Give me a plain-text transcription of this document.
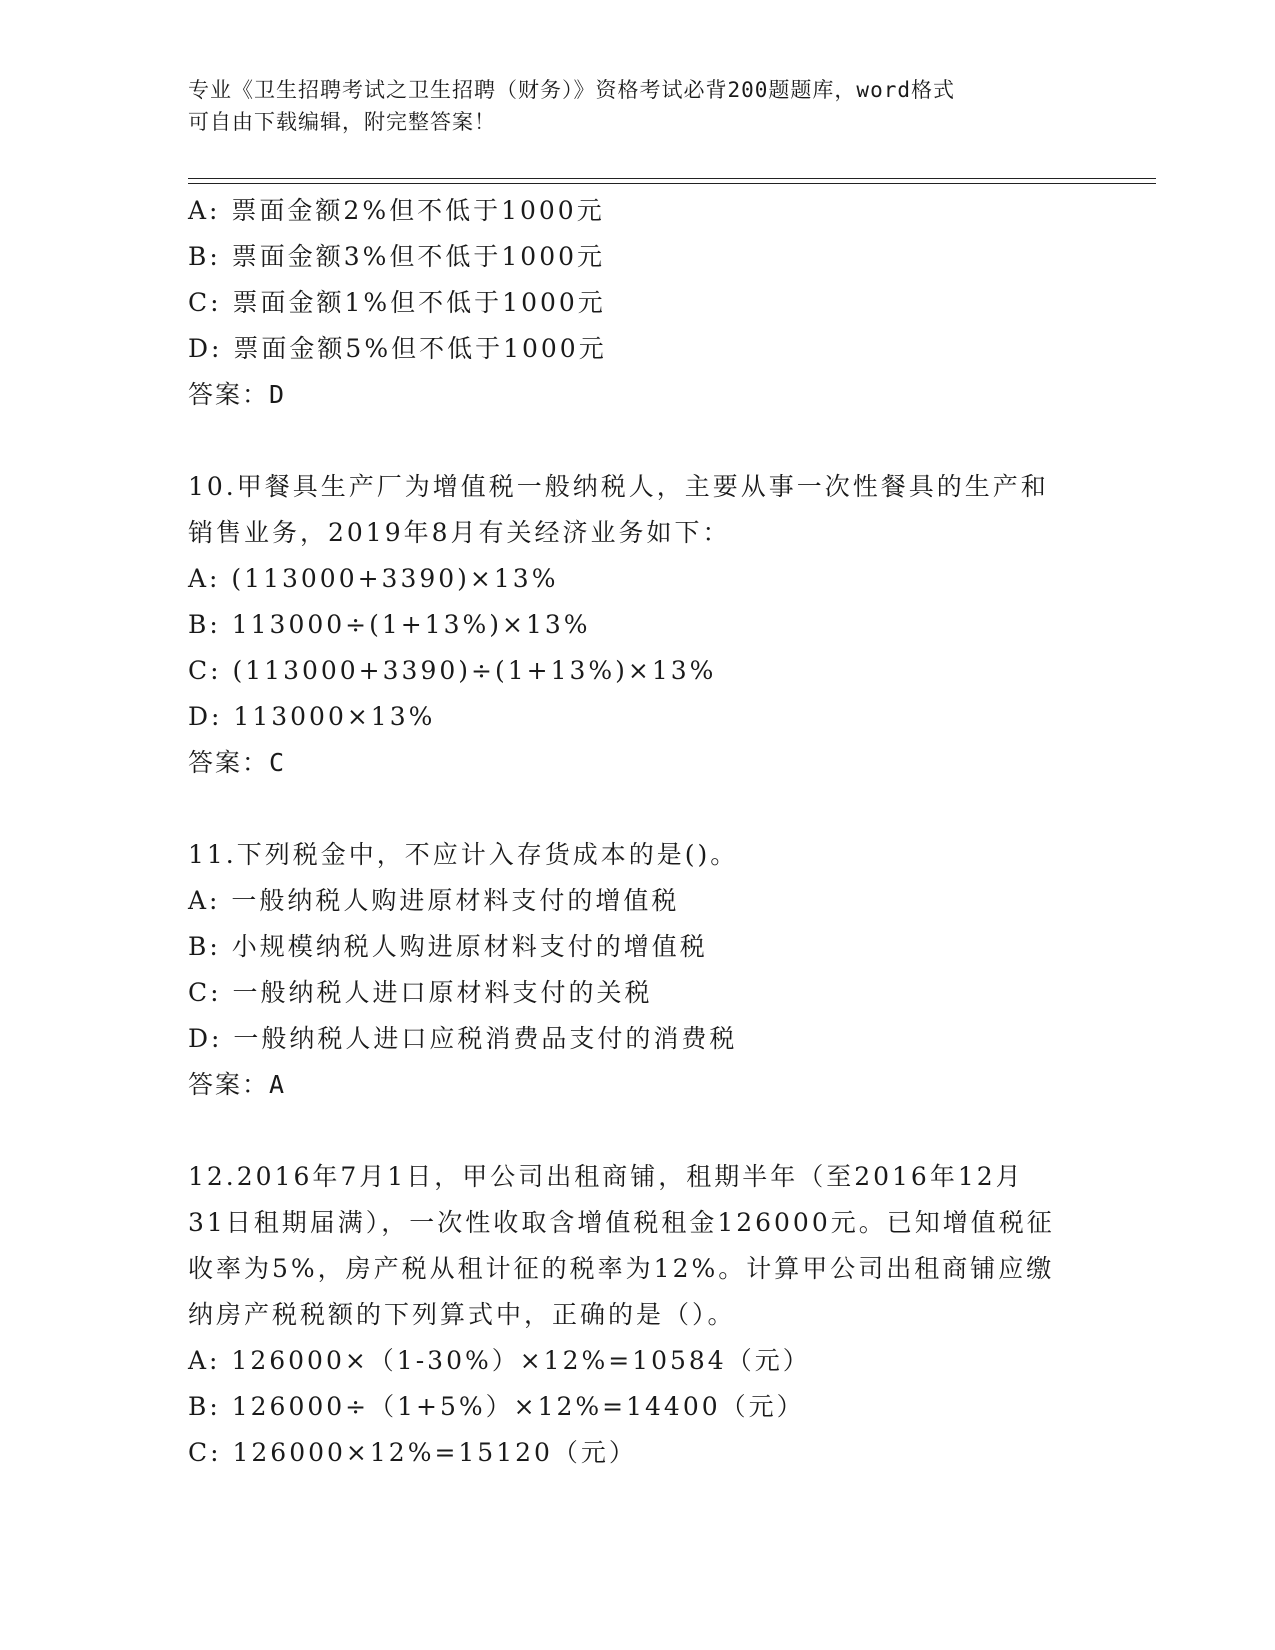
专业《卫生招聘考试之卫生招聘（财务）》资格考试必背200题题库，word格式
可自由下载编辑，附完整答案！
A: 票面金额2%但不低于1000元
B: 票面金额3%但不低于1000元
C: 票面金额1%但不低于1000元
D: 票面金额5%但不低于1000元
答案：D
10.甲餐具生产厂为增值税一般纳税人，主要从事一次性餐具的生产和
销售业务，2019年8月有关经济业务如下：
A: (113000+3390)×13%
B: 113000÷(1+13%)×13%
C: (113000+3390)÷(1+13%)×13%
D: 113000×13%
答案：C
11.下列税金中，不应计入存货成本的是()。
A: 一般纳税人购进原材料支付的增值税
B: 小规模纳税人购进原材料支付的增值税
C: 一般纳税人进口原材料支付的关税
D: 一般纳税人进口应税消费品支付的消费税
答案：A
12.2016年7月1日，甲公司出租商铺，租期半年（至2016年12月
31日租期届满），一次性收取含增值税租金126000元。已知增值税征
收率为5%，房产税从租计征的税率为12%。计算甲公司出租商铺应缴
纳房产税税额的下列算式中，正确的是（）。
A: 126000×（1-30%）×12%=10584（元）
B: 126000÷（1+5%）×12%=14400（元）
C: 126000×12%=15120（元）
